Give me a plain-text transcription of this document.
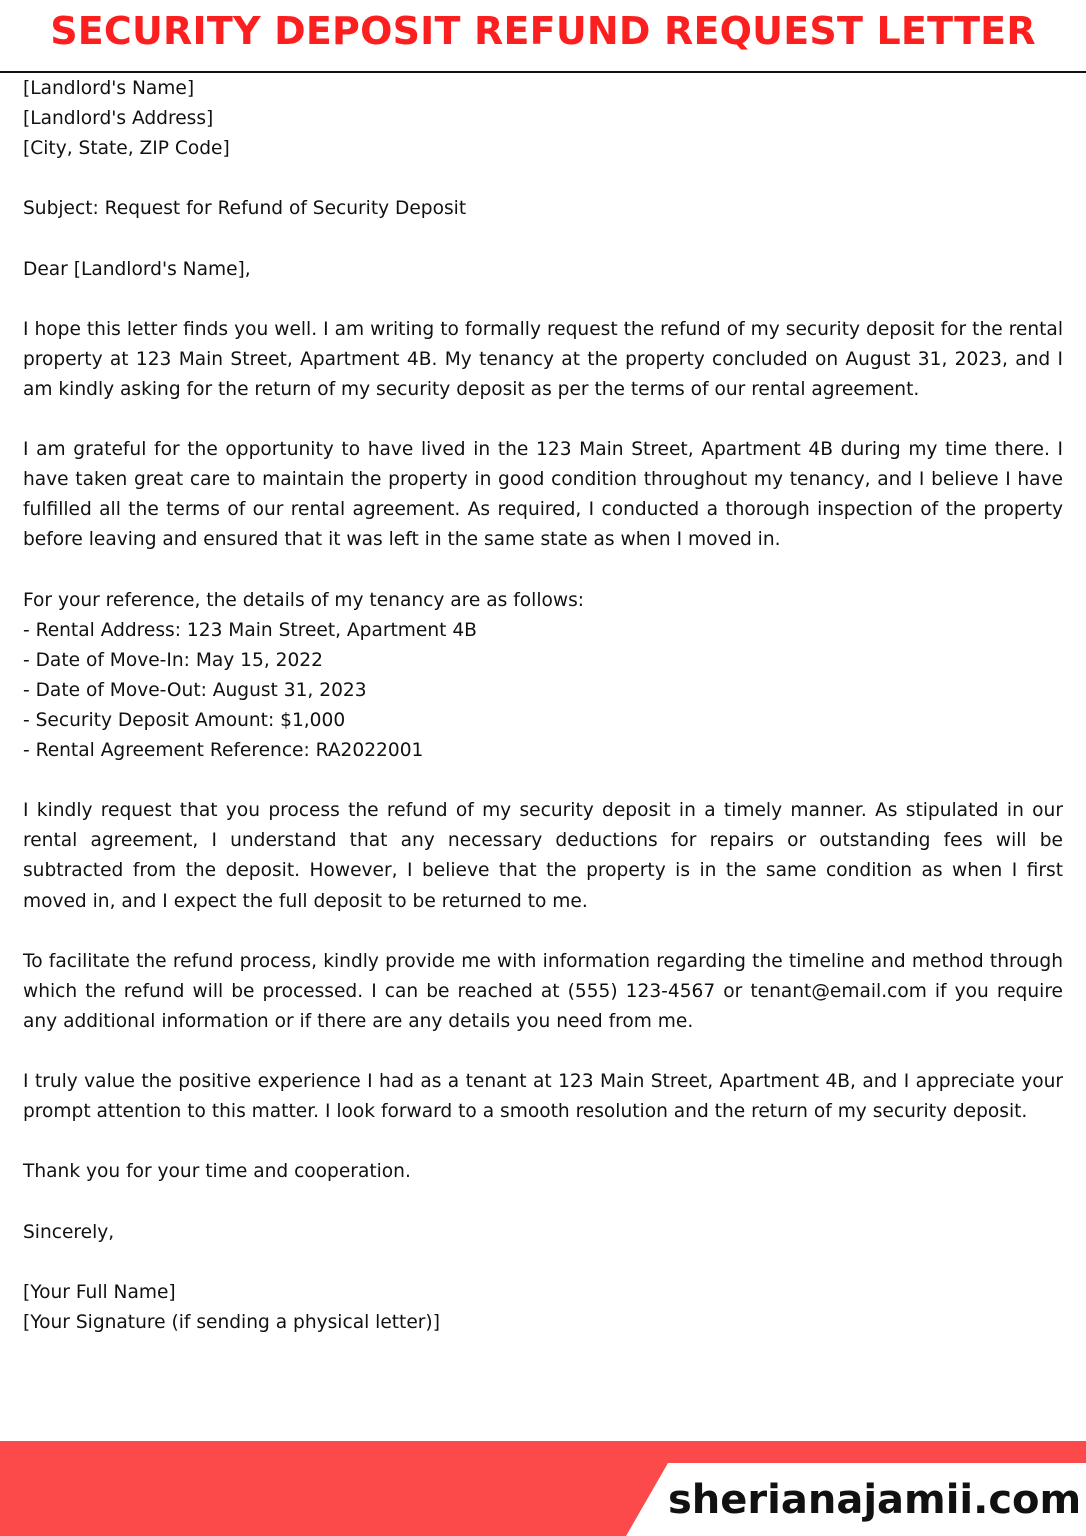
SECURITY DEPOSIT REFUND REQUEST LETTER
[Landlord's Name]
[Landlord's Address]
[City, State, ZIP Code]
Subject: Request for Refund of Security Deposit
Dear [Landlord's Name],
I hope this letter finds you well. I am writing to formally request the refund of my security deposit for the rental property at 123 Main Street, Apartment 4B. My tenancy at the property concluded on August 31, 2023, and I am kindly asking for the return of my security deposit as per the terms of our rental agreement.
I am grateful for the opportunity to have lived in the 123 Main Street, Apartment 4B during my time there. I have taken great care to maintain the property in good condition throughout my tenancy, and I believe I have fulfilled all the terms of our rental agreement. As required, I conducted a thorough inspection of the property before leaving and ensured that it was left in the same state as when I moved in.
For your reference, the details of my tenancy are as follows:
- Rental Address: 123 Main Street, Apartment 4B
- Date of Move-In: May 15, 2022
- Date of Move-Out: August 31, 2023
- Security Deposit Amount: $1,000
- Rental Agreement Reference: RA2022001
I kindly request that you process the refund of my security deposit in a timely manner. As stipulated in our rental agreement, I understand that any necessary deductions for repairs or outstanding fees will be subtracted from the deposit. However, I believe that the property is in the same condition as when I first moved in, and I expect the full deposit to be returned to me.
To facilitate the refund process, kindly provide me with information regarding the timeline and method through which the refund will be processed. I can be reached at (555) 123-4567 or tenant@email.com if you require any additional information or if there are any details you need from me.
I truly value the positive experience I had as a tenant at 123 Main Street, Apartment 4B, and I appreciate your prompt attention to this matter. I look forward to a smooth resolution and the return of my security deposit.
Thank you for your time and cooperation.
Sincerely,
[Your Full Name]
[Your Signature (if sending a physical letter)]
sherianajamii.com
